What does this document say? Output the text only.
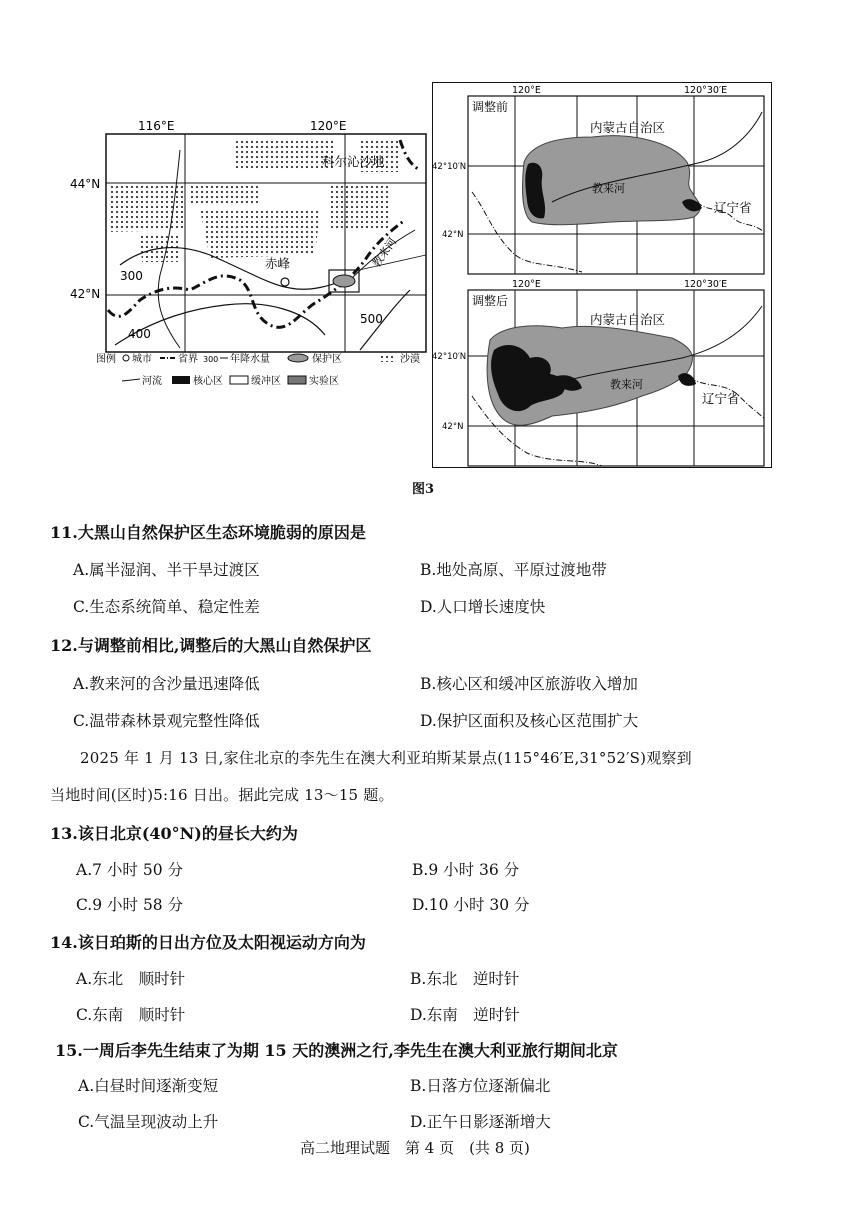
116°E	120°E
44°N
42°N
科尔沁沙地
赤峰	教来河
300
400
500
图例 城市	省界 300 年降水量	保护区	沙漠
河流	核心区	缓冲区	实验区
调整前
120°E	120°30′E
42°10′N
42°N
内蒙古自治区
教来河
辽宁省
调整后
120°E	120°30′E
42°10′N
42°N
内蒙古自治区
教来河
辽宁省
图3
11.大黑山自然保护区生态环境脆弱的原因是
A.属半湿润、半干旱过渡区	B.地处高原、平原过渡地带
C.生态系统简单、稳定性差	D.人口增长速度快
12.与调整前相比,调整后的大黑山自然保护区
A.教来河的含沙量迅速降低	B.核心区和缓冲区旅游收入增加
C.温带森林景观完整性降低	D.保护区面积及核心区范围扩大
2025 年 1 月 13 日,家住北京的李先生在澳大利亚珀斯某景点(115°46′E,31°52′S)观察到
当地时间(区时)5:16 日出。据此完成 13～15 题。
13.该日北京(40°N)的昼长大约为
A.7 小时 50 分	B.9 小时 36 分
C.9 小时 58 分	D.10 小时 30 分
14.该日珀斯的日出方位及太阳视运动方向为
A.东北　顺时针	B.东北　逆时针
C.东南　顺时针	D.东南　逆时针
15.一周后李先生结束了为期 15 天的澳洲之行,李先生在澳大利亚旅行期间北京
A.白昼时间逐渐变短	B.日落方位逐渐偏北
C.气温呈现波动上升	D.正午日影逐渐增大
高二地理试题　第 4 页　(共 8 页)
